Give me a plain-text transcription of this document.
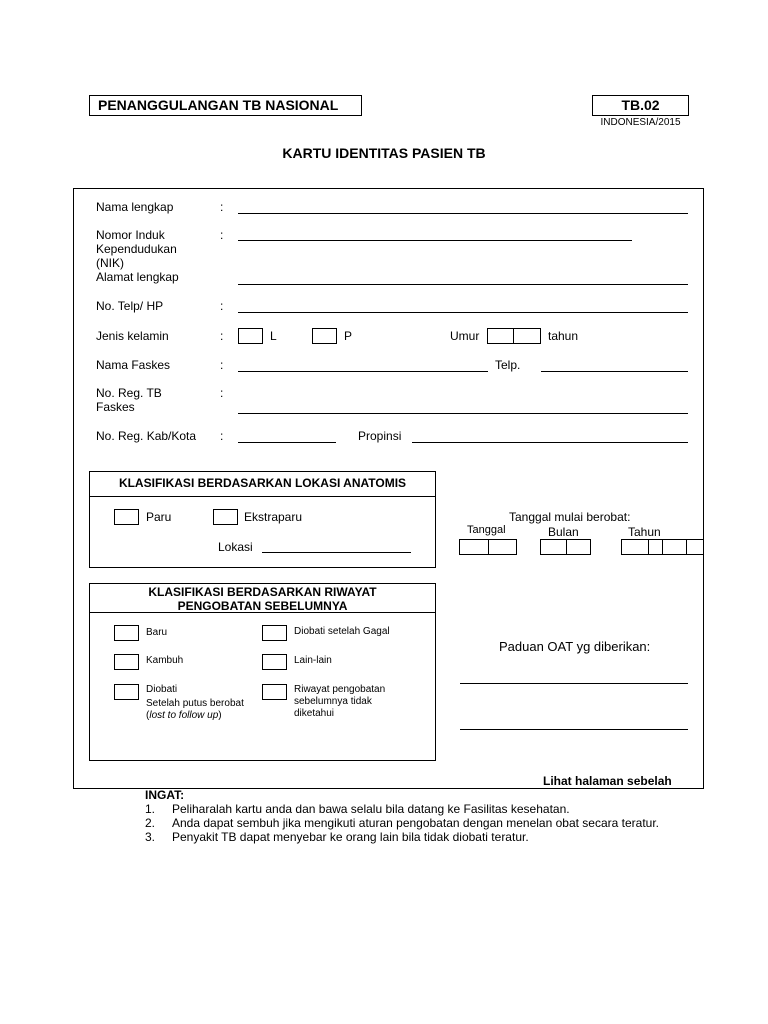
PENANGGULANGAN TB NASIONAL	TB.02
INDONESIA/2015
KARTU IDENTITAS PASIEN TB
Nama lengkap	:
Nomor Induk
Kependudukan
(NIK)
:
Alamat lengkap
No. Telp/ HP	:
Jenis kelamin	:	L	P	Umur	tahun
Nama Faskes	:	Telp.
No. Reg. TB
Faskes
:
No. Reg. Kab/Kota :	Propinsi
KLASIFIKASI BERDASARKAN LOKASI ANATOMIS
Paru	Ekstraparu
Lokasi
Tanggal mulai berobat:
Tanggal	Bulan	Tahun
KLASIFIKASI BERDASARKAN RIWAYAT
PENGOBATAN SEBELUMNYA
Baru
Kambuh
Diobati
Setelah putus berobat
(lost to follow up)
Diobati setelah Gagal
Lain-lain
Riwayat pengobatan
sebelumnya tidak
diketahui
Paduan OAT yg diberikan:
Lihat halaman sebelah
INGAT:
1. Peliharalah kartu anda dan bawa selalu bila datang ke Fasilitas kesehatan.
2. Anda dapat sembuh jika mengikuti aturan pengobatan dengan menelan obat secara teratur.
3. Penyakit TB dapat menyebar ke orang lain bila tidak diobati teratur.
